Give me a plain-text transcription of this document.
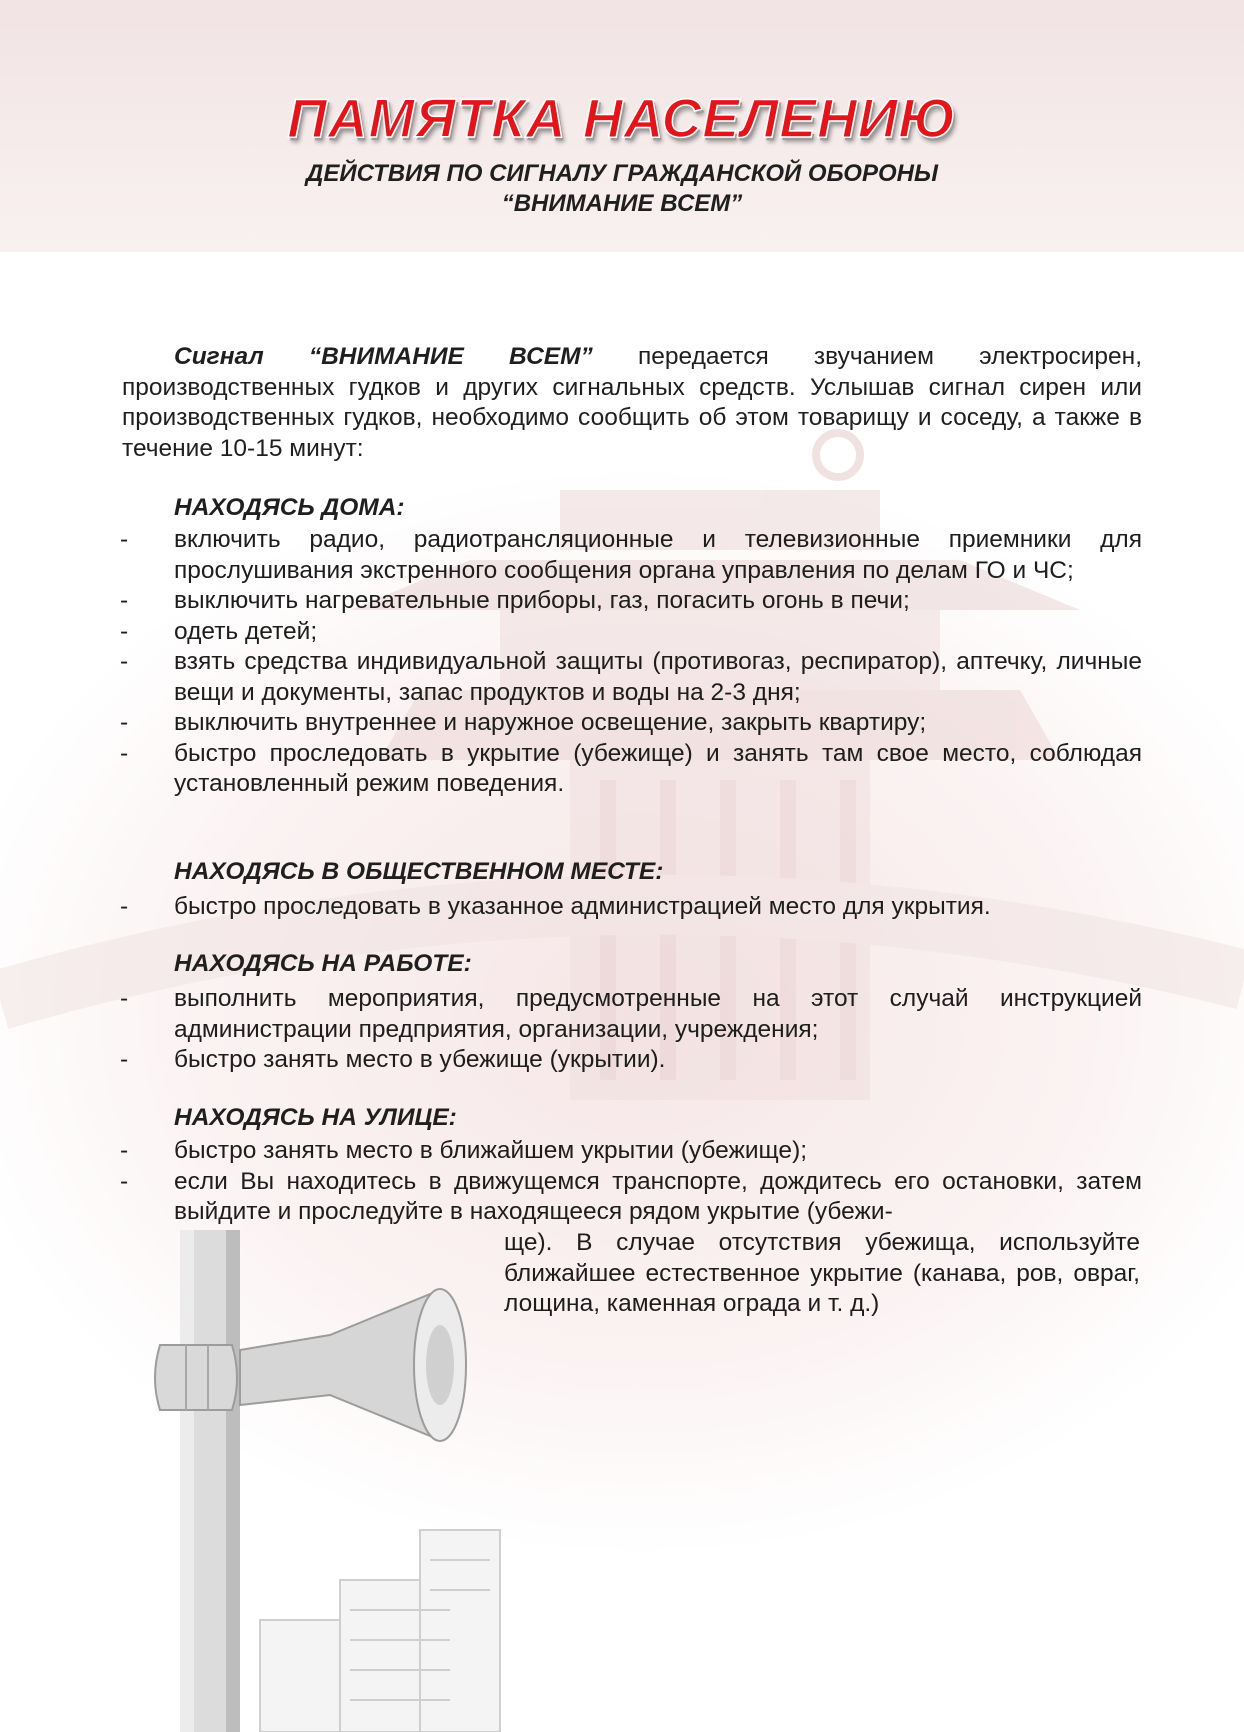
ПАМЯТКА НАСЕЛЕНИЮ
ДЕЙСТВИЯ ПО СИГНАЛУ ГРАЖДАНСКОЙ ОБОРОНЫ
“ВНИМАНИЕ ВСЕМ”

Сигнал “ВНИМАНИЕ ВСЕМ” передается звучанием электросирен, производственных гудков и других сигнальных средств. Услышав сигнал сирен или производственных гудков, необходимо сообщить об этом товарищу и соседу, а также в течение 10-15 минут:

НАХОДЯСЬ ДОМА:
- включить радио, радиотрансляционные и телевизионные приемники для прослушивания экстренного сообщения органа управления по делам ГО и ЧС;
- выключить нагревательные приборы, газ, погасить огонь в печи;
- одеть детей;
- взять средства индивидуальной защиты (противогаз, респиратор), аптечку, личные вещи и документы, запас продуктов и воды на 2-3 дня;
- выключить внутреннее и наружное освещение, закрыть квартиру;
- быстро проследовать в укрытие (убежище) и занять там свое место, соблюдая установленный режим поведения.
НАХОДЯСЬ В ОБЩЕСТВЕННОМ МЕСТЕ:
- быстро проследовать в указанное администрацией место для укрытия.
НАХОДЯСЬ НА РАБОТЕ:
- выполнить мероприятия, предусмотренные на этот случай инструкцией администрации предприятия, организации, учреждения;
- быстро занять место в убежище (укрытии).
НАХОДЯСЬ НА УЛИЦЕ:
- быстро занять место в ближайшем укрытии (убежище);
- если Вы находитесь в движущемся транспорте, дождитесь его остановки, затем выйдите и проследуйте в находящееся рядом укрытие (убежи-

ще). В случае отсутствия убежища, используйте ближайшее естественное укрытие (канава, ров, овраг, лощина, каменная ограда и т. д.)
